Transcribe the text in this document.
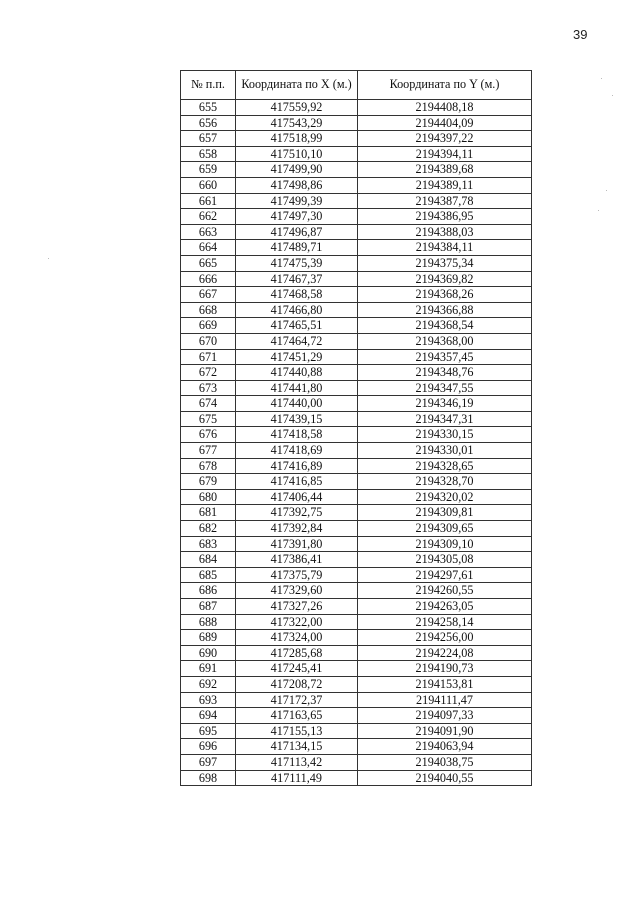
39
№ п.п.	Координата по X (м.)	Координата по Y (м.)
655	417559,92	2194408,18
656	417543,29	2194404,09
657	417518,99	2194397,22
658	417510,10	2194394,11
659	417499,90	2194389,68
660	417498,86	2194389,11
661	417499,39	2194387,78
662	417497,30	2194386,95
663	417496,87	2194388,03
664	417489,71	2194384,11
665	417475,39	2194375,34
666	417467,37	2194369,82
667	417468,58	2194368,26
668	417466,80	2194366,88
669	417465,51	2194368,54
670	417464,72	2194368,00
671	417451,29	2194357,45
672	417440,88	2194348,76
673	417441,80	2194347,55
674	417440,00	2194346,19
675	417439,15	2194347,31
676	417418,58	2194330,15
677	417418,69	2194330,01
678	417416,89	2194328,65
679	417416,85	2194328,70
680	417406,44	2194320,02
681	417392,75	2194309,81
682	417392,84	2194309,65
683	417391,80	2194309,10
684	417386,41	2194305,08
685	417375,79	2194297,61
686	417329,60	2194260,55
687	417327,26	2194263,05
688	417322,00	2194258,14
689	417324,00	2194256,00
690	417285,68	2194224,08
691	417245,41	2194190,73
692	417208,72	2194153,81
693	417172,37	2194111,47
694	417163,65	2194097,33
695	417155,13	2194091,90
696	417134,15	2194063,94
697	417113,42	2194038,75
698	417111,49	2194040,55
